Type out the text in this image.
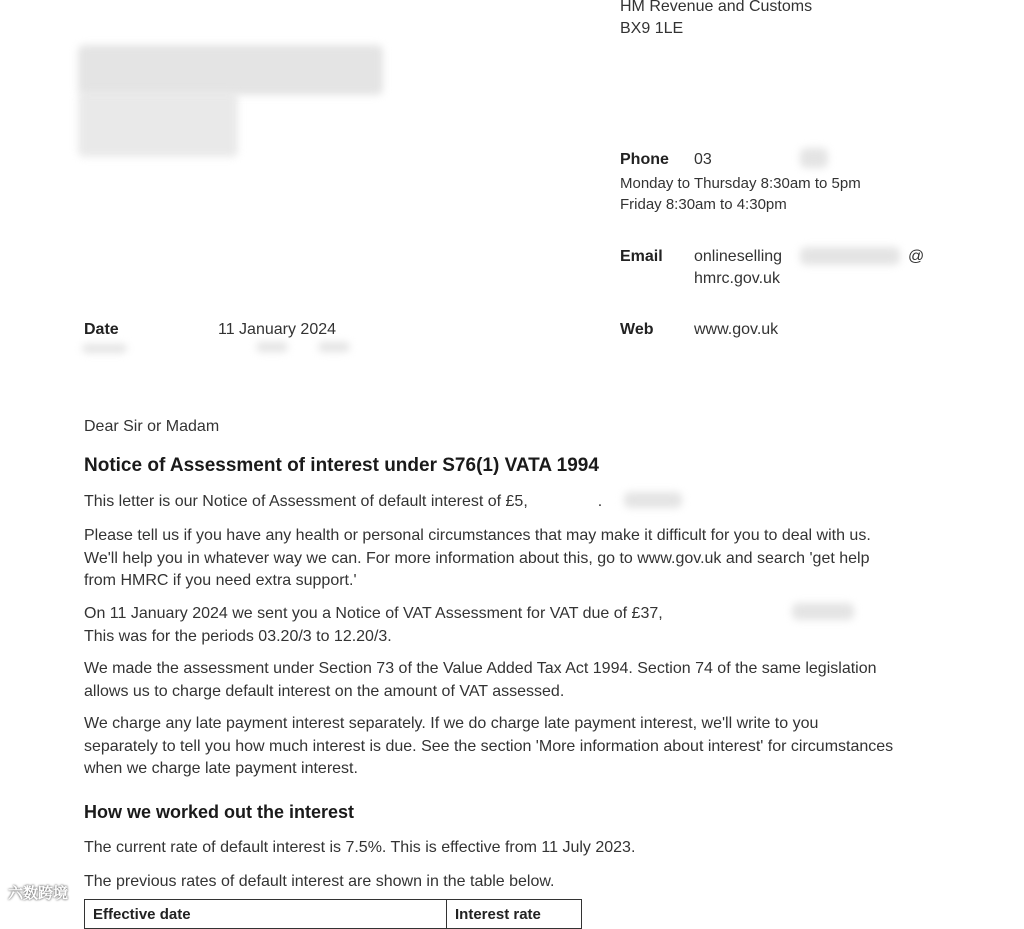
HM Revenue and Customs
BX9 1LE
Phone 03
Monday to Thursday 8:30am to 5pm
Friday 8:30am to 4:30pm
Email onlineselling	@
hmrc.gov.uk
Web	www.gov.uk
Date	11 January 2024
Dear Sir or Madam
Notice of Assessment of interest under S76(1) VATA 1994
This letter is our Notice of Assessment of default interest of £5,	.
Please tell us if you have any health or personal circumstances that may make it difficult for you to deal with us. We'll help you in whatever way we can. For more information about this, go to www.gov.uk and search 'get help from HMRC if you need extra support.'
On 11 January 2024 we sent you a Notice of VAT Assessment for VAT due of £37,
This was for the periods 03.20/3 to 12.20/3.
We made the assessment under Section 73 of the Value Added Tax Act 1994. Section 74 of the same legislation allows us to charge default interest on the amount of VAT assessed.
We charge any late payment interest separately. If we do charge late payment interest, we'll write to you separately to tell you how much interest is due. See the section 'More information about interest' for circumstances when we charge late payment interest.
How we worked out the interest
The current rate of default interest is 7.5%. This is effective from 11 July 2023.
The previous rates of default interest are shown in the table below.
Effective date	Interest rate
六数跨境
